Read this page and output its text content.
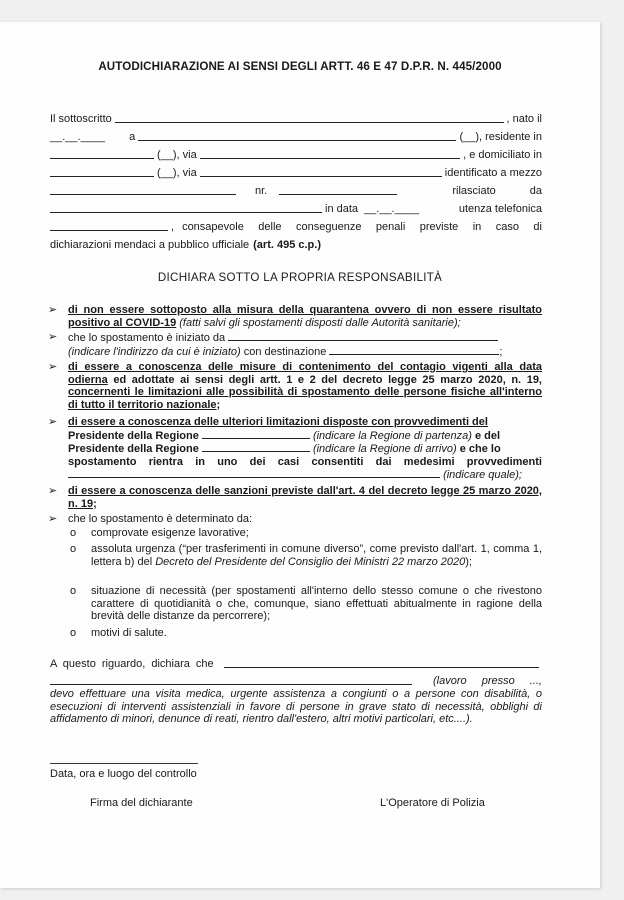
AUTODICHIARAZIONE AI SENSI DEGLI ARTT. 46 E 47 D.P.R. N. 445/2000
Il sottoscritto	, nato il
__.__.____ a	(__), residente in
(__), via	, e domiciliato in
(__), via	identificato a mezzo
nr.	rilasciato	da
in data __.__.____	utenza telefonica
, consapevole delle conseguenze penali previste in caso di
dichiarazioni mendaci a pubblico ufficiale (art. 495 c.p.)
DICHIARA SOTTO LA PROPRIA RESPONSABILITÀ
➢ di non essere sottoposto alla misura della quarantena ovvero di non essere risultato positivo al COVID-19 (fatti salvi gli spostamenti disposti dalle Autorità sanitarie);
➢ che lo spostamento è iniziato da
(indicare l'indirizzo da cui è iniziato) con destinazione	;
➢ di essere a conoscenza delle misure di contenimento del contagio vigenti alla data odierna ed adottate ai sensi degli artt. 1 e 2 del decreto legge 25 marzo 2020, n. 19, concernenti le limitazioni alle possibilità di spostamento delle persone fisiche all'interno di tutto il territorio nazionale;
➢ di essere a conoscenza delle ulteriori limitazioni disposte con provvedimenti del
Presidente della Regione	(indicare la Regione di partenza) e del
Presidente della Regione	(indicare la Regione di arrivo) e che lo
spostamento rientra in uno dei casi consentiti dai medesimi provvedimenti
(indicare quale);
➢ di essere a conoscenza delle sanzioni previste dall'art. 4 del decreto legge 25 marzo 2020, n. 19;
➢ che lo spostamento è determinato da:
o comprovate esigenze lavorative;
o assoluta urgenza (“per trasferimenti in comune diverso”, come previsto dall'art. 1, comma 1, lettera b) del Decreto del Presidente del Consiglio dei Ministri 22 marzo 2020);
o situazione di necessità (per spostamenti all'interno dello stesso comune o che rivestono carattere di quotidianità o che, comunque, siano effettuati abitualmente in ragione della brevità delle distanze da percorrere);
o motivi di salute.
A questo riguardo, dichiara che
(lavoro presso ...,
devo effettuare una visita medica, urgente assistenza a congiunti o a persone con disabilità, o esecuzioni di interventi assistenziali in favore di persone in grave stato di necessità, obblighi di affidamento di minori, denunce di reati, rientro dall'estero, altri motivi particolari, etc....).
Data, ora e luogo del controllo
Firma del dichiarante	L'Operatore di Polizia
